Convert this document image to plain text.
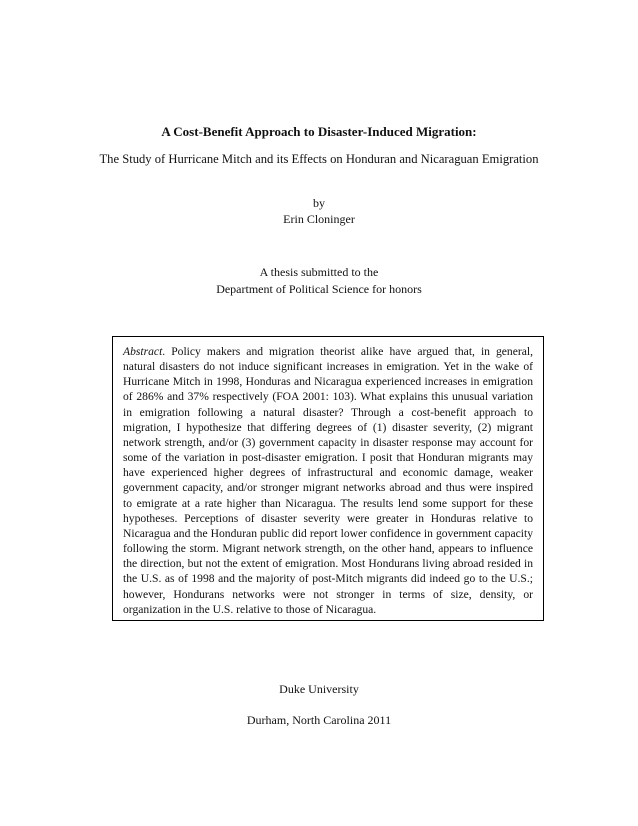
A Cost-Benefit Approach to Disaster-Induced Migration:
The Study of Hurricane Mitch and its Effects on Honduran and Nicaraguan Emigration
by
Erin Cloninger
A thesis submitted to the
Department of Political Science for honors
Abstract. Policy makers and migration theorist alike have argued that, in general, natural disasters do not induce significant increases in emigration. Yet in the wake of Hurricane Mitch in 1998, Honduras and Nicaragua experienced increases in emigration of 286% and 37% respectively (FOA 2001: 103). What explains this unusual variation in emigration following a natural disaster? Through a cost-benefit approach to migration, I hypothesize that differing degrees of (1) disaster severity, (2) migrant network strength, and/or (3) government capacity in disaster response may account for some of the variation in post-disaster emigration. I posit that Honduran migrants may have experienced higher degrees of infrastructural and economic damage, weaker government capacity, and/or stronger migrant networks abroad and thus were inspired to emigrate at a rate higher than Nicaragua. The results lend some support for these hypotheses. Perceptions of disaster severity were greater in Honduras relative to Nicaragua and the Honduran public did report lower confidence in government capacity following the storm. Migrant network strength, on the other hand, appears to influence the direction, but not the extent of emigration. Most Hondurans living abroad resided in the U.S. as of 1998 and the majority of post-Mitch migrants did indeed go to the U.S.; however, Hondurans networks were not stronger in terms of size, density, or organization in the U.S. relative to those of Nicaragua.
Duke University
Durham, North Carolina 2011
